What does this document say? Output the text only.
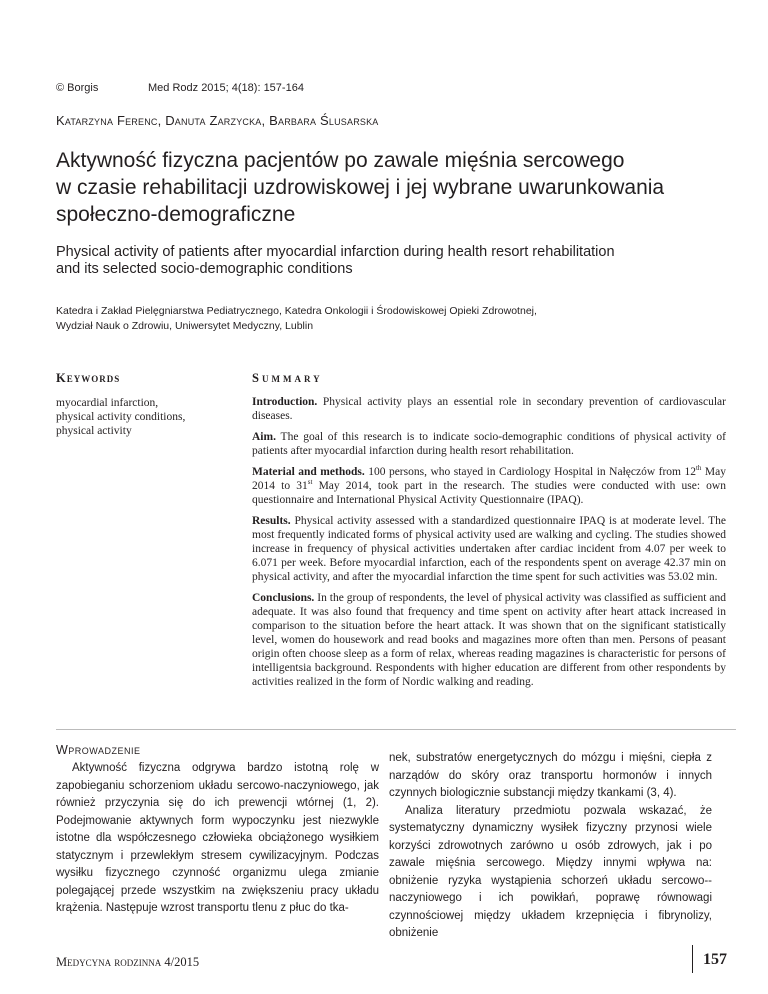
© Borgis	Med Rodz 2015; 4(18): 157-164
Katarzyna Ferenc, Danuta Zarzycka, Barbara Ślusarska
Aktywność fizyczna pacjentów po zawale mięśnia sercowego
w czasie rehabilitacji uzdrowiskowej i jej wybrane uwarunkowania
społeczno-demograficzne
Physical activity of patients after myocardial infarction during health resort rehabilitation
and its selected socio-demographic conditions
Katedra i Zakład Pielęgniarstwa Pediatrycznego, Katedra Onkologii i Środowiskowej Opieki Zdrowotnej,
Wydział Nauk o Zdrowiu, Uniwersytet Medyczny, Lublin
Keywords	Summary
myocardial infarction,
physical activity conditions,
physical activity

Introduction. Physical activity plays an essential role in secondary prevention of cardiovascular diseases.

Aim. The goal of this research is to indicate socio-demographic conditions of physical activity of patients after myocardial infarction during health resort rehabilitation.

Material and methods. 100 persons, who stayed in Cardiology Hospital in Nałęczów from 12th May 2014 to 31st May 2014, took part in the research. The studies were conducted with use: own questionnaire and International Physical Activity Questionnaire (IPAQ).

Results. Physical activity assessed with a standardized questionnaire IPAQ is at moderate level. The most frequently indicated forms of physical activity used are walking and cycling. The studies showed increase in frequency of physical activities undertaken after cardiac incident from 4.07 per week to 6.071 per week. Before myocardial infarction, each of the respondents spent on average 42.37 min on physical activity, and after the myocardial infarction the time spent for such activities was 53.02 min.

Conclusions. In the group of respondents, the level of physical activity was classified as sufficient and adequate. It was also found that frequency and time spent on activity after heart attack increased in comparison to the situation before the heart attack. It was shown that on the significant statistically level, women do housework and read books and magazines more often than men. Persons of peasant origin often choose sleep as a form of relax, whereas reading magazines is characteristic for persons of intelligentsia background. Respondents with higher education are different from other respondents by activities realized in the form of Nordic walking and reading.

Wprowadzenie

Aktywność fizyczna odgrywa bardzo istotną rolę w zapobieganiu schorzeniom układu sercowo-naczyniowego, jak również przyczynia się do ich prewencji wtórnej (1, 2). Podejmowanie aktywnych form wypoczynku jest niezwykle istotne dla współczesnego człowieka obciążonego wysiłkiem statycznym i przewlekłym stresem cywilizacyjnym. Podczas wysiłku fizycznego czynność organizmu ulega zmianie polegającej przede wszystkim na zwiększeniu pracy układu krążenia. Następuje wzrost transportu tlenu z płuc do tka-

nek, substratów energetycznych do mózgu i mięśni, ciepła z narządów do skóry oraz transportu hormonów i innych czynnych biologicznie substancji między tkankami (3, 4).

Analiza literatury przedmiotu pozwala wskazać, że systematyczny dynamiczny wysiłek fizyczny przynosi wiele korzyści zdrowotnych zarówno u osób zdrowych, jak i po zawale mięśnia sercowego. Między innymi wpływa na: obniżenie ryzyka wystąpienia schorzeń układu sercowo--naczyniowego i ich powikłań, poprawę równowagi czynnościowej między układem krzepnięcia i fibrynolizy, obniżenie

Medycyna rodzinna 4/2015	157
